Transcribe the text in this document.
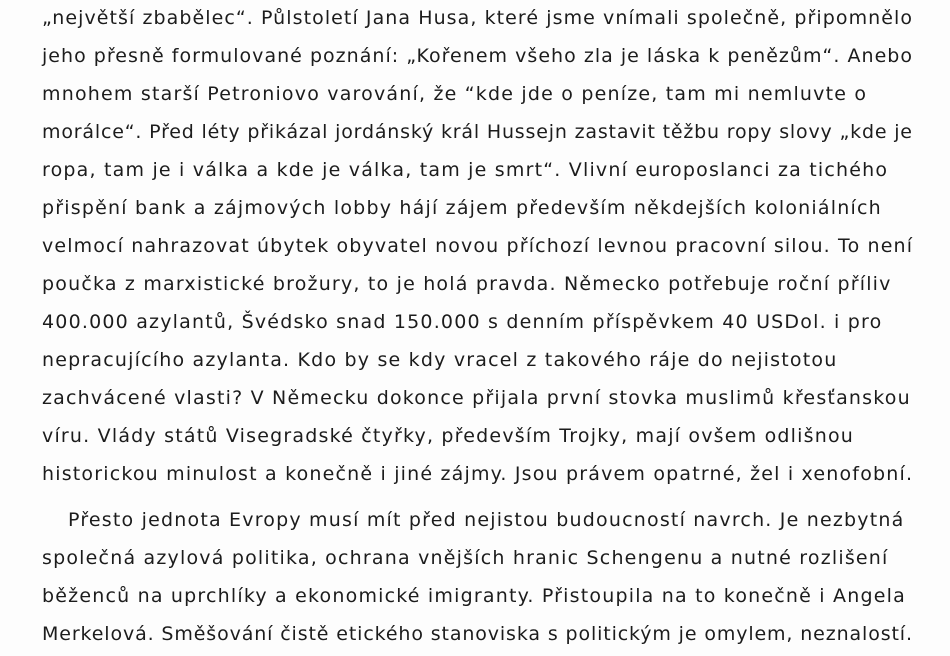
„největší zbabělec“. Půlstoletí Jana Husa, které jsme vnímali společně, připomnělo
jeho přesně formulované poznání: „Kořenem všeho zla je láska k penězům“. Anebo
mnohem starší Petroniovo varování, že “kde jde o peníze, tam mi nemluvte o
morálce“. Před léty přikázal jordánský král Hussejn zastavit těžbu ropy slovy „kde je
ropa, tam je i válka a kde je válka, tam je smrt“. Vlivní europoslanci za tichého
přispění bank a zájmových lobby hájí zájem především někdejších koloniálních
velmocí nahrazovat úbytek obyvatel novou příchozí levnou pracovní silou. To není
poučka z marxistické brožury, to je holá pravda. Německo potřebuje roční příliv
400.000 azylantů, Švédsko snad 150.000 s denním příspěvkem 40 USDol. i pro
nepracujícího azylanta. Kdo by se kdy vracel z takového ráje do nejistotou
zachvácené vlasti? V Německu dokonce přijala první stovka muslimů křesťanskou
víru. Vlády států Visegradské čtyřky, především Trojky, mají ovšem odlišnou
historickou minulost a konečně i jiné zájmy. Jsou právem opatrné, žel i xenofobní.
Přesto jednota Evropy musí mít před nejistou budoucností navrch. Je nezbytná
společná azylová politika, ochrana vnějších hranic Schengenu a nutné rozlišení
běženců na uprchlíky a ekonomické imigranty. Přistoupila na to konečně i Angela
Merkelová. Směšování čistě etického stanoviska s politickým je omylem, neznalostí.
